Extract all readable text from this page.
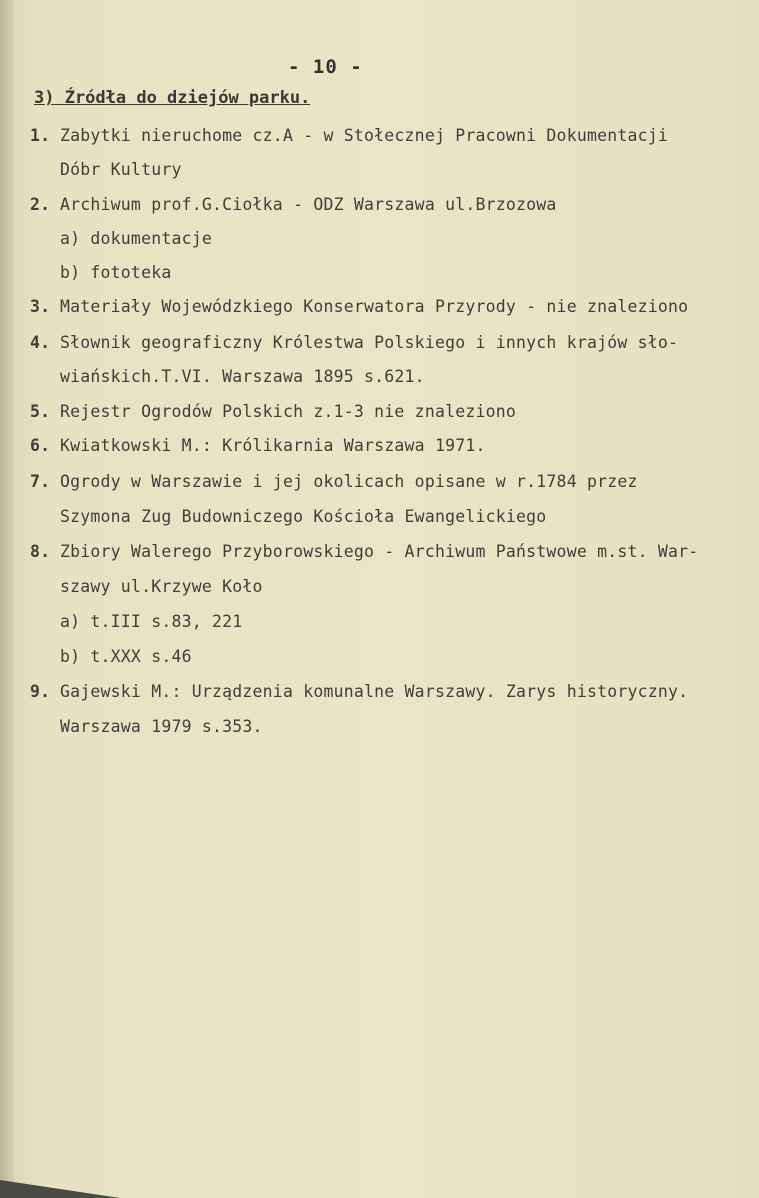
- 10 -
3) Źródła do dziejów parku.
1. Zabytki nieruchome cz.A - w Stołecznej Pracowni Dokumentacji
Dóbr Kultury
2. Archiwum prof.G.Ciołka - ODZ Warszawa ul.Brzozowa
a) dokumentacje
b) fototeka
3. Materiały Wojewódzkiego Konserwatora Przyrody - nie znaleziono
4. Słownik geograficzny Królestwa Polskiego i innych krajów sło-
wiańskich.T.VI. Warszawa 1895 s.621.
5. Rejestr Ogrodów Polskich z.1-3 nie znaleziono
6. Kwiatkowski M.: Królikarnia Warszawa 1971.
7. Ogrody w Warszawie i jej okolicach opisane w r.1784 przez
Szymona Zug Budowniczego Kościoła Ewangelickiego
8. Zbiory Walerego Przyborowskiego - Archiwum Państwowe m.st. War-
szawy ul.Krzywe Koło
a) t.III s.83, 221
b) t.XXX s.46
9. Gajewski M.: Urządzenia komunalne Warszawy. Zarys historyczny.
Warszawa 1979 s.353.
